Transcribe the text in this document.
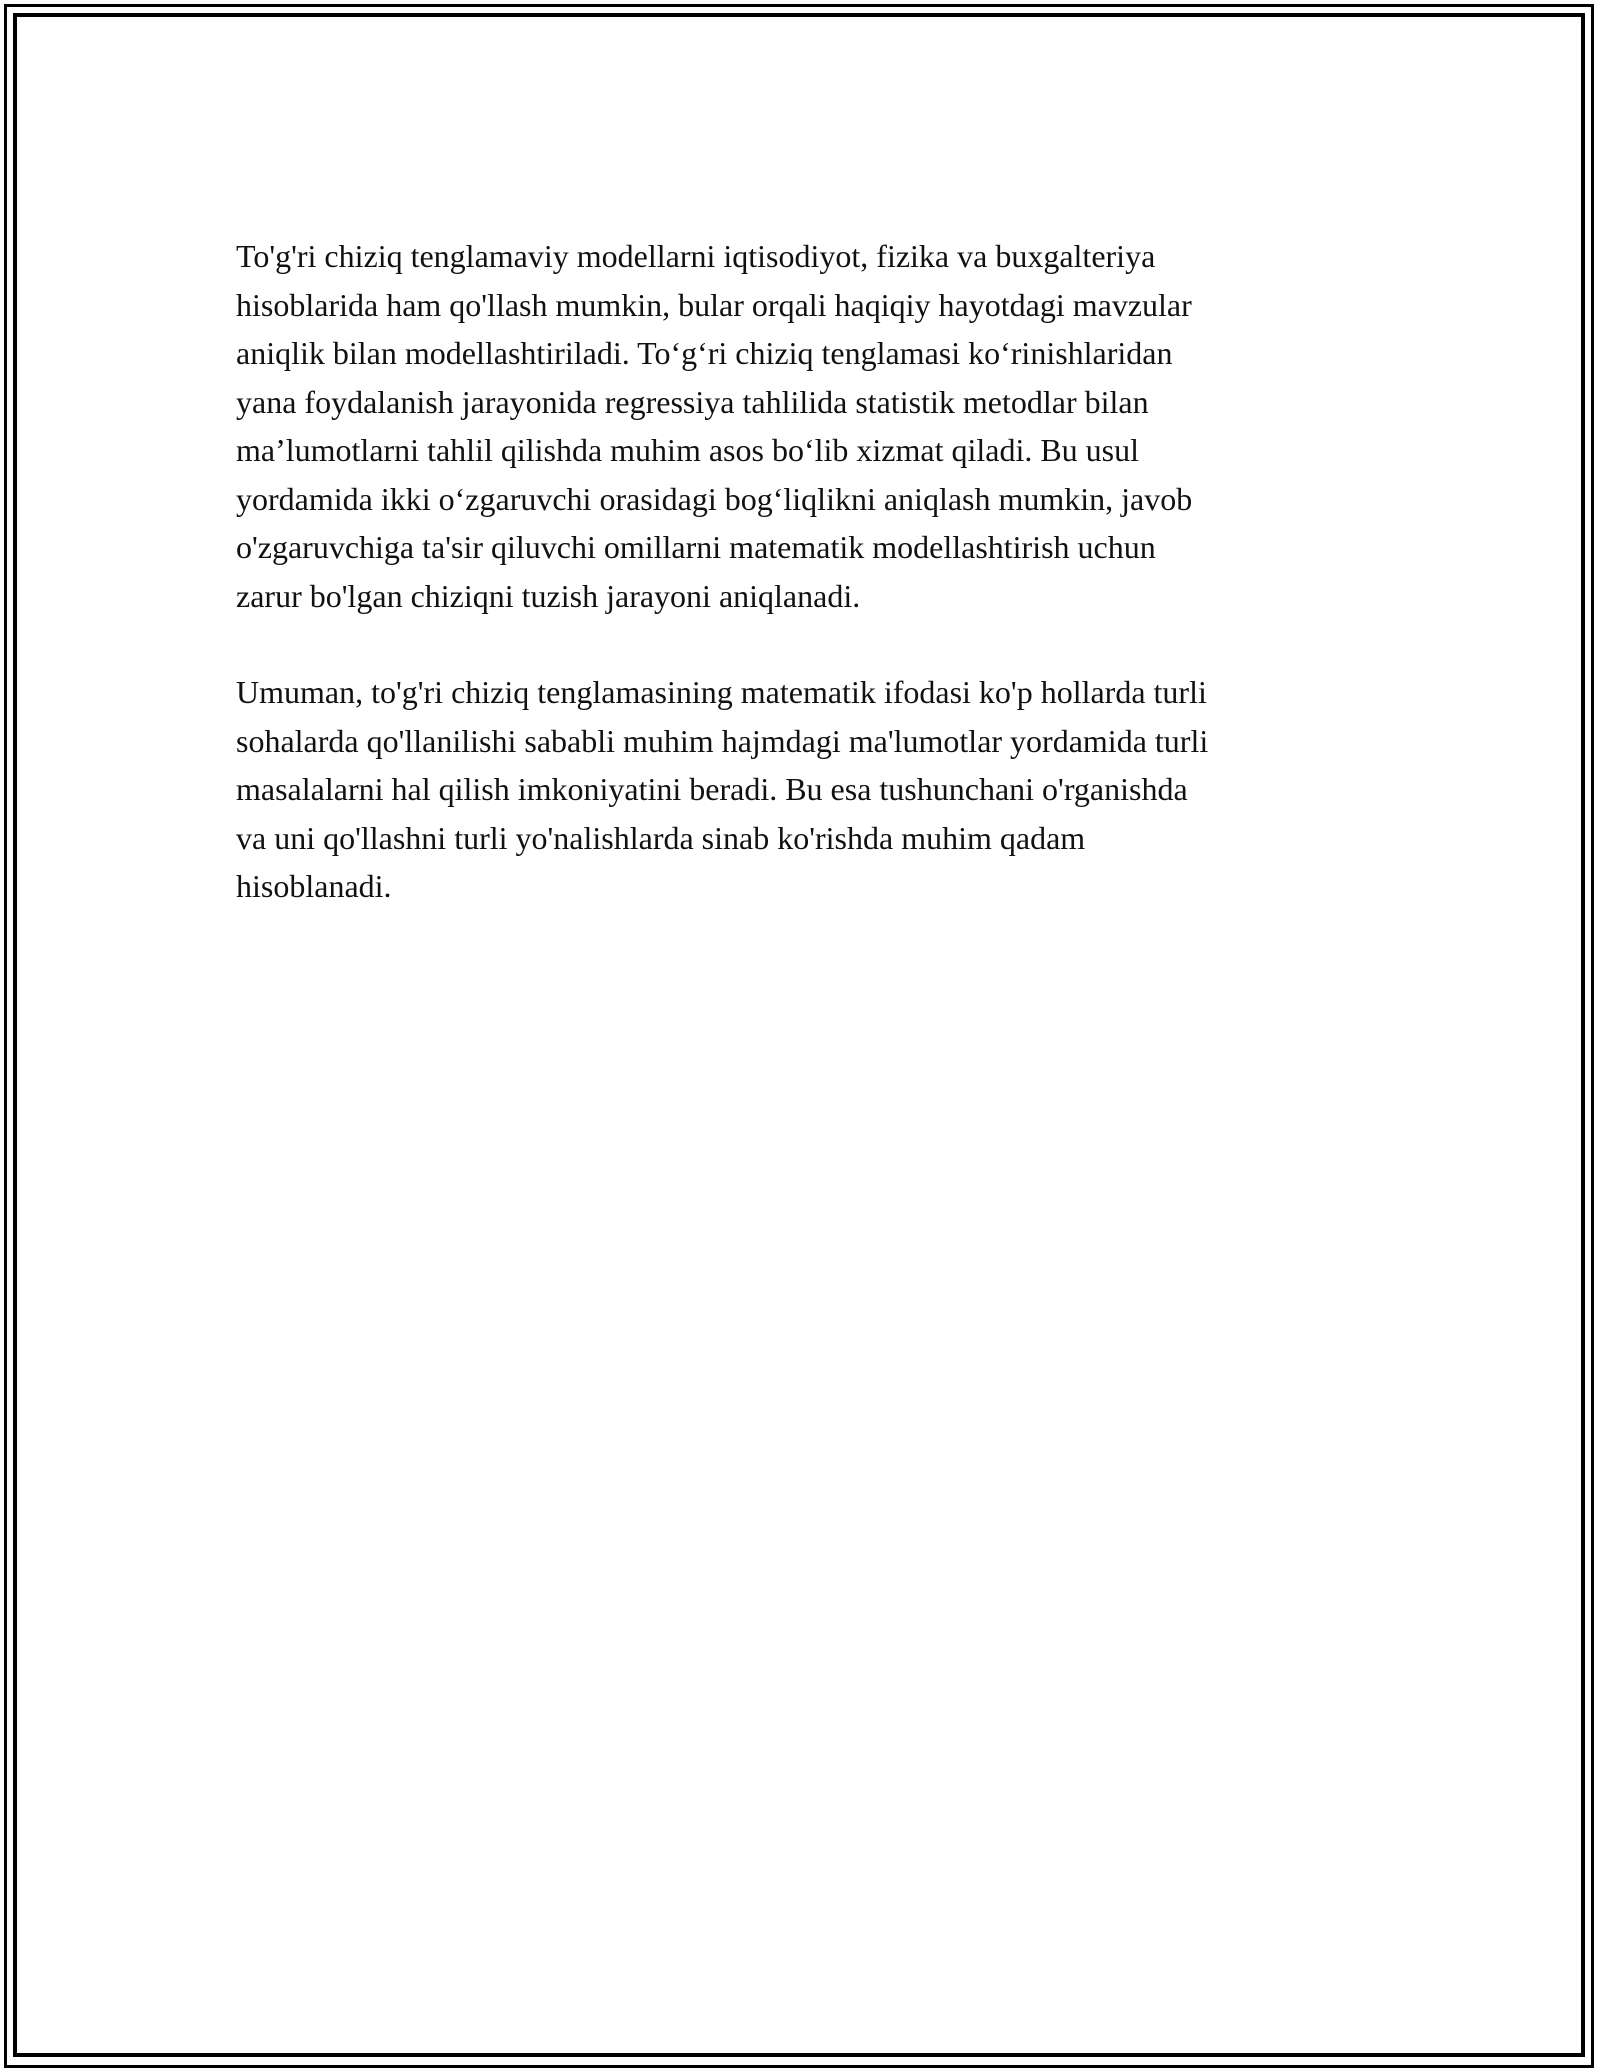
To'g'ri chiziq tenglamaviy modellarni iqtisodiyot, fizika va buxgalteriya
hisoblarida ham qo'llash mumkin, bular orqali haqiqiy hayotdagi mavzular
aniqlik bilan modellashtiriladi. To‘g‘ri chiziq tenglamasi ko‘rinishlaridan
yana foydalanish jarayonida regressiya tahlilida statistik metodlar bilan
ma’lumotlarni tahlil qilishda muhim asos bo‘lib xizmat qiladi. Bu usul
yordamida ikki o‘zgaruvchi orasidagi bog‘liqlikni aniqlash mumkin, javob
o'zgaruvchiga ta'sir qiluvchi omillarni matematik modellashtirish uchun
zarur bo'lgan chiziqni tuzish jarayoni aniqlanadi.

Umuman, to'g'ri chiziq tenglamasining matematik ifodasi ko'p hollarda turli
sohalarda qo'llanilishi sababli muhim hajmdagi ma'lumotlar yordamida turli
masalalarni hal qilish imkoniyatini beradi. Bu esa tushunchani o'rganishda
va uni qo'llashni turli yo'nalishlarda sinab ko'rishda muhim qadam
hisoblanadi.
